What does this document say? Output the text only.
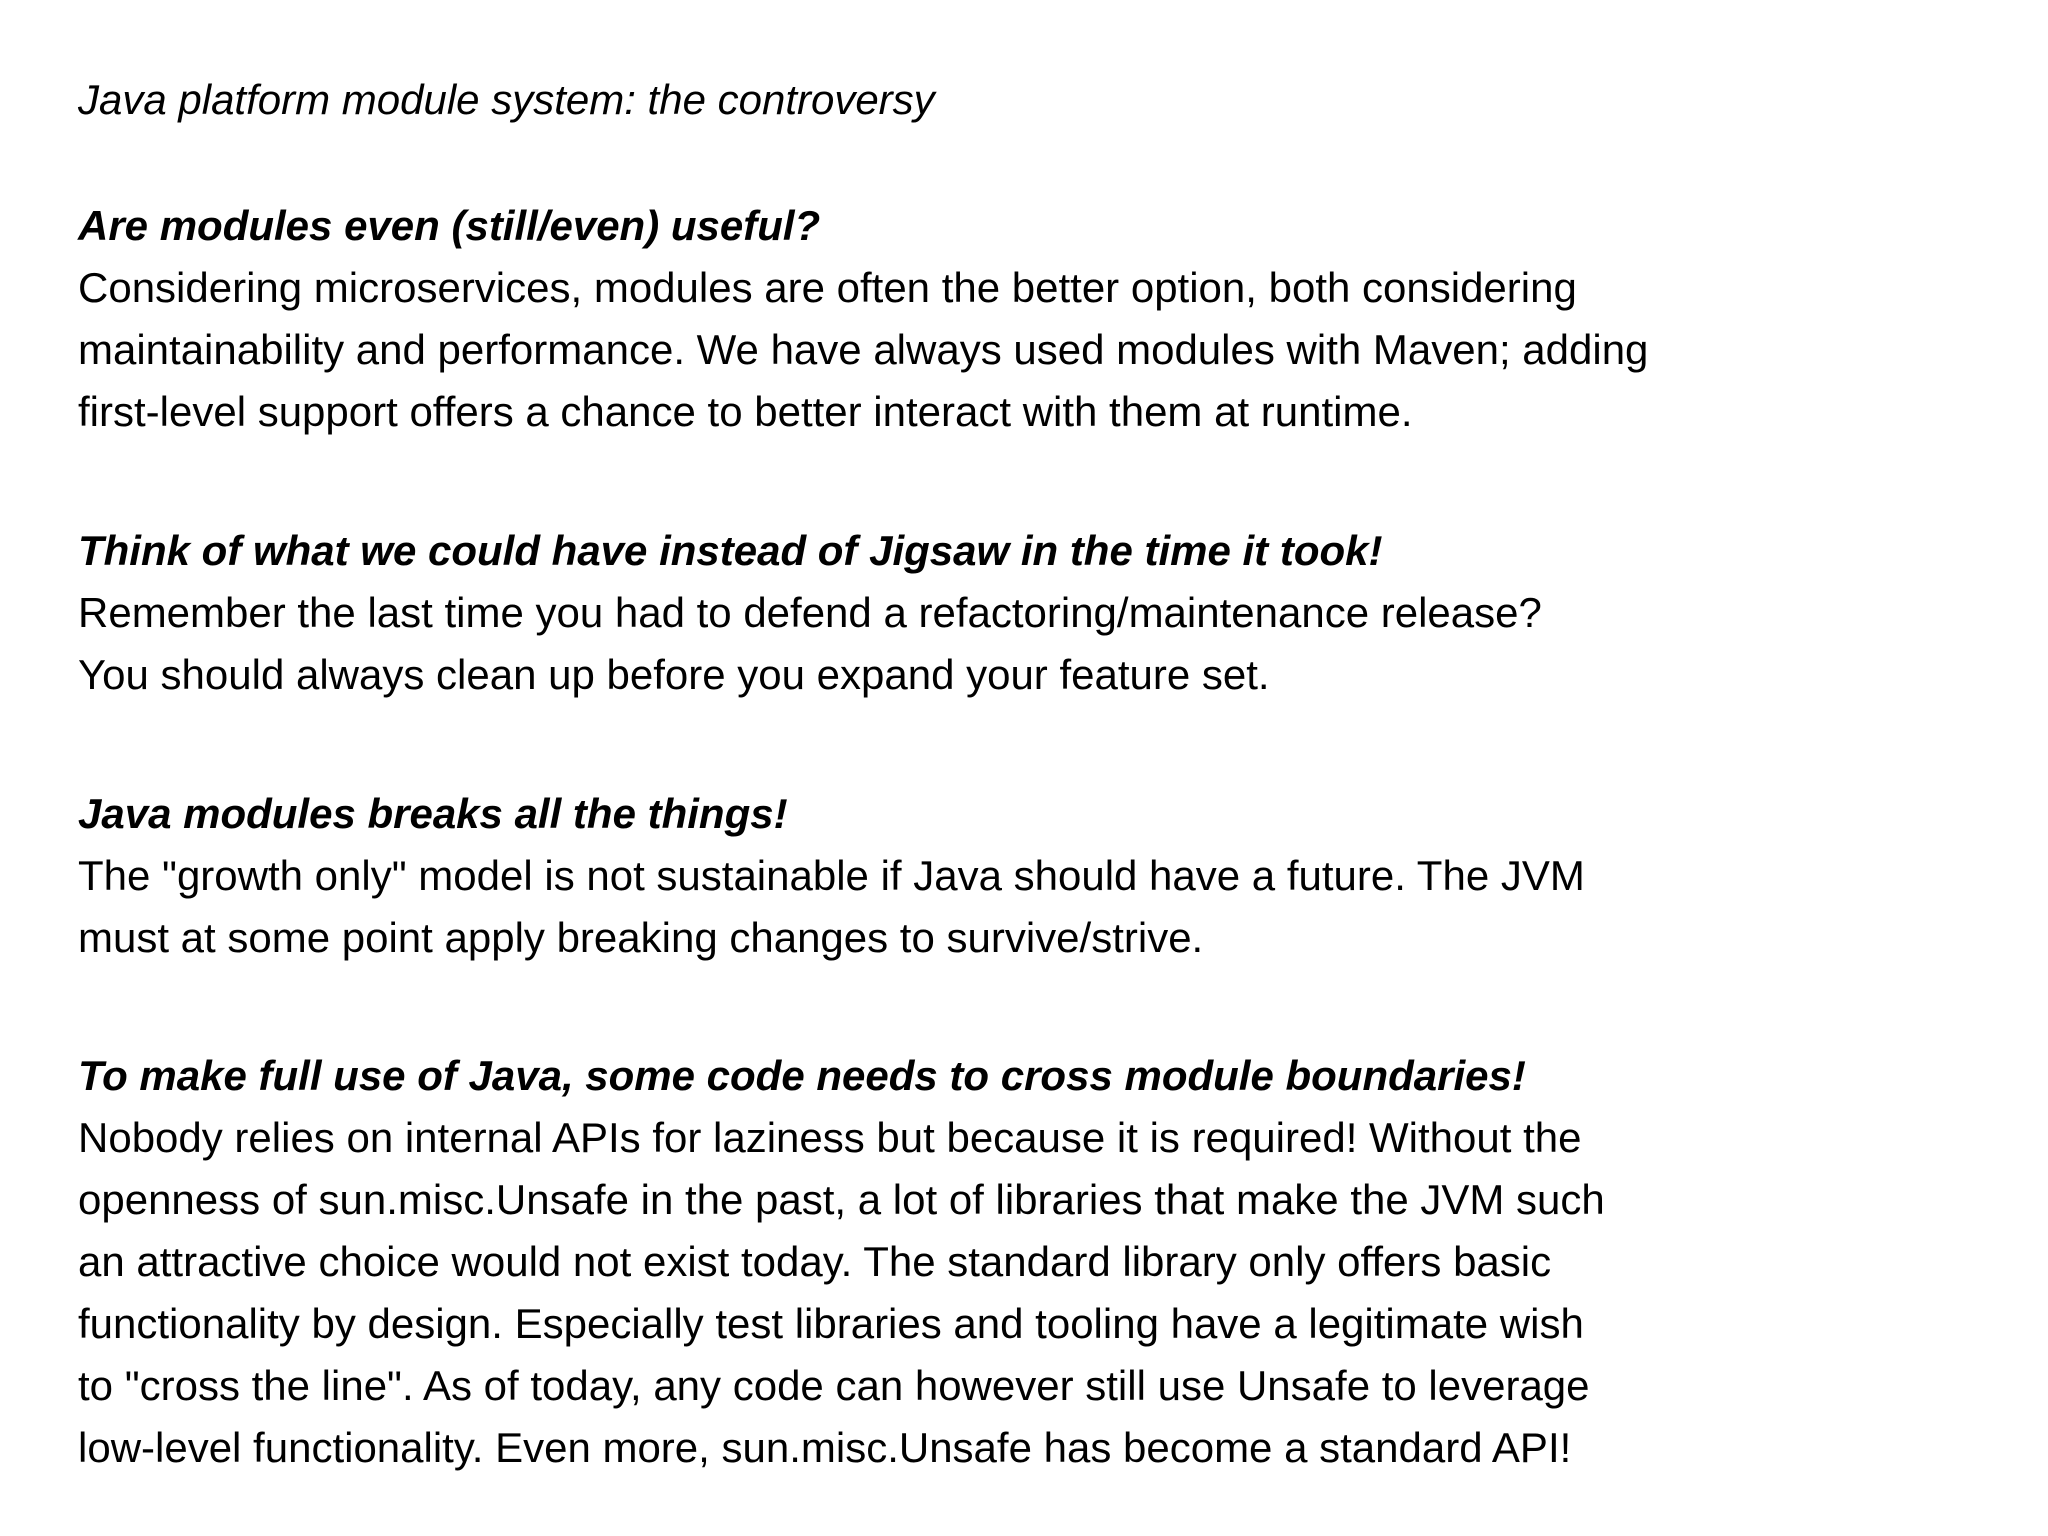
Java platform module system: the controversy

Are modules even (still/even) useful?

Considering microservices, modules are often the better option, both considering

maintainability and performance. We have always used modules with Maven; adding

first-level support offers a chance to better interact with them at runtime.

Think of what we could have instead of Jigsaw in the time it took!

Remember the last time you had to defend a refactoring/maintenance release?

You should always clean up before you expand your feature set.

Java modules breaks all the things!

The "growth only" model is not sustainable if Java should have a future. The JVM

must at some point apply breaking changes to survive/strive.

To make full use of Java, some code needs to cross module boundaries!

Nobody relies on internal APIs for laziness but because it is required! Without the

openness of sun.misc.Unsafe in the past, a lot of libraries that make the JVM such

an attractive choice would not exist today. The standard library only offers basic

functionality by design. Especially test libraries and tooling have a legitimate wish

to "cross the line". As of today, any code can however still use Unsafe to leverage

low-level functionality. Even more, sun.misc.Unsafe has become a standard API!
